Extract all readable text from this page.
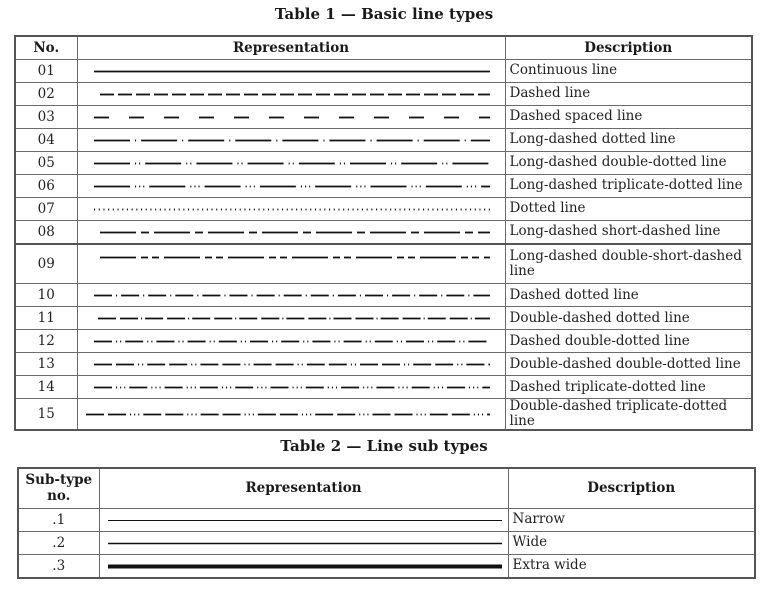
Table 1 — Basic line types
No.	Representation	Description
01		Continuous line
02		Dashed line
03		Dashed spaced line
04		Long-dashed dotted line
05		Long-dashed double-dotted line
06		Long-dashed triplicate-dotted line
07		Dotted line
08		Long-dashed short-dashed line
09		Long-dashed double-short-dashed line
10		Dashed dotted line
11		Double-dashed dotted line
12		Dashed double-dotted line
13		Double-dashed double-dotted line
14		Dashed triplicate-dotted line
15		Double-dashed triplicate-dotted line
Table 2 — Line sub types
Sub-type no.	Representation	Description
.1		Narrow
.2		Wide
.3		Extra wide
